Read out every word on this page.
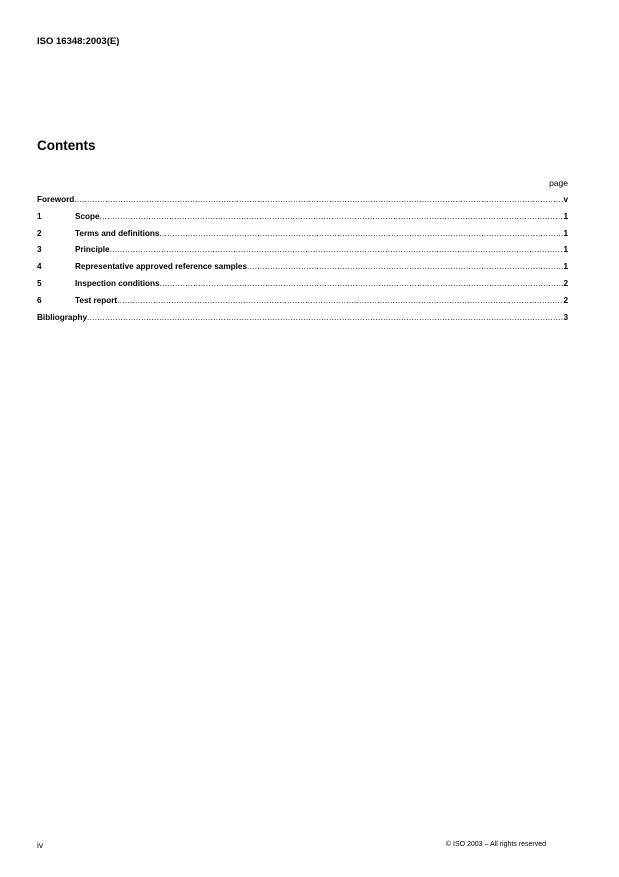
ISO 16348:2003(E)
Contents
page
Foreword .....	v
1	Scope .....	1
2	Terms and definitions .....	1
3	Principle .....	1
4	Representative approved reference samples .....	1
5	Inspection conditions .....	2
6	Test report .....	2
Bibliography .....	3
iv	© ISO 2003 – All rights reserved
